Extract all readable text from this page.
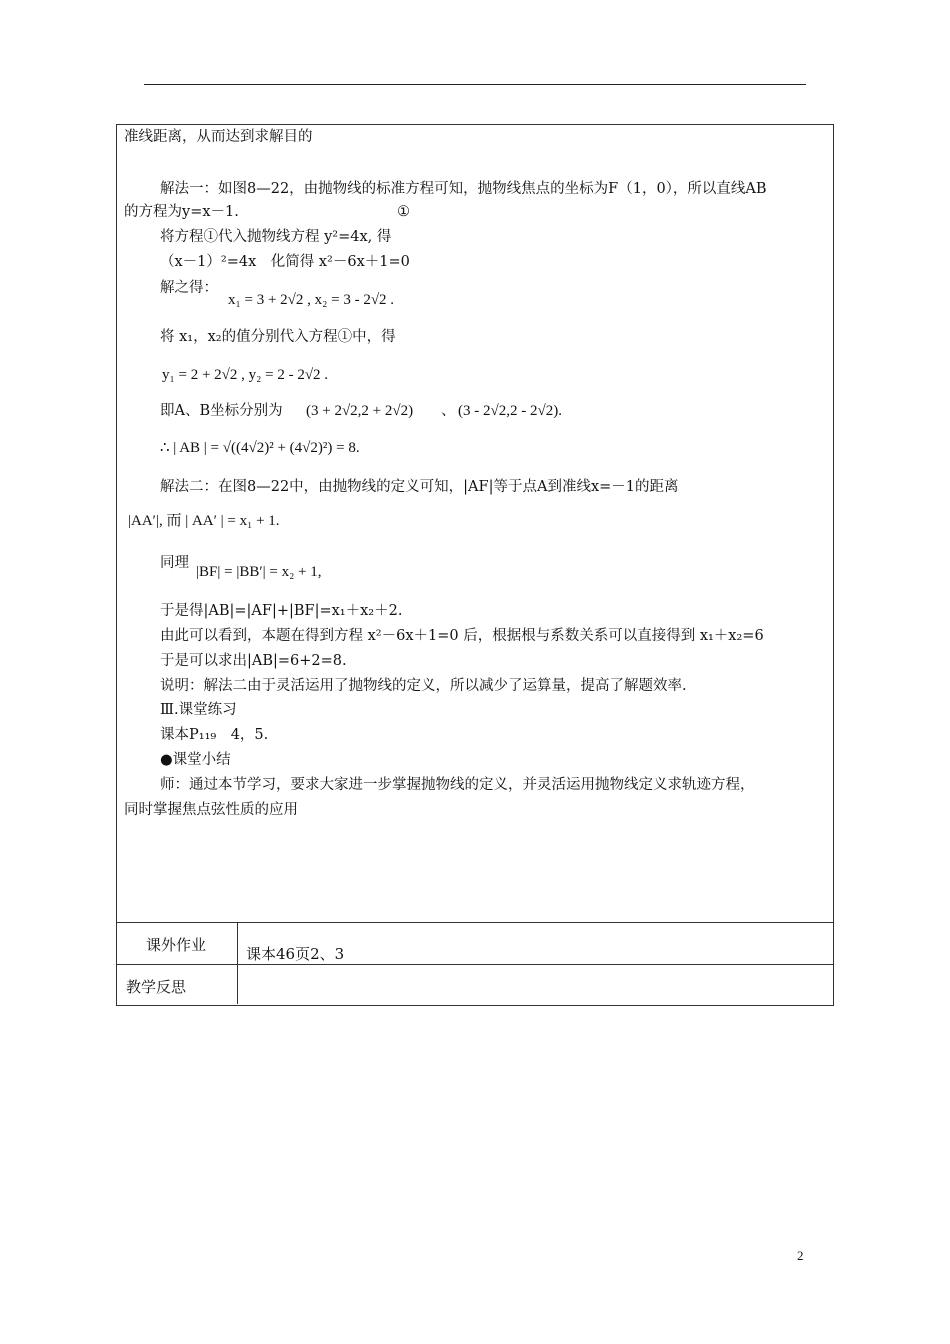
准线距离，从而达到求解目的
解法一：如图8—22，由抛物线的标准方程可知，抛物线焦点的坐标为F（1，0），所以直线AB
的方程为y=x－1.	①
将方程①代入抛物线方程 y²=4x, 得
（x－1）²=4x　化简得 x²－6x＋1=0
解之得：
x₁ = 3 + 2√2 , x₂ = 3 - 2√2 .
将 x₁，x₂的值分别代入方程①中，得
y₁ = 2 + 2√2 , y₂ = 2 - 2√2 .
即A、B坐标分别为 (3 + 2√2,2 + 2√2) 、 (3 - 2√2,2 - 2√2).
∴ | AB | = √((4√2)² + (4√2)²) = 8.
解法二：在图8—22中，由抛物线的定义可知，|AF|等于点A到准线x=－1的距离
|AA′|, 而 | AA′ | = x₁ + 1.
同理
|BF| = |BB′| = x₂ + 1,
于是得|AB|=|AF|+|BF|=x₁＋x₂＋2.
由此可以看到，本题在得到方程 x²－6x＋1=0 后，根据根与系数关系可以直接得到 x₁＋x₂=6
于是可以求出|AB|=6+2=8.
说明：解法二由于灵活运用了抛物线的定义，所以减少了运算量，提高了解题效率.
Ⅲ.课堂练习
课本P₁₁₉　4，5.
●课堂小结
师：通过本节学习，要求大家进一步掌握抛物线的定义，并灵活运用抛物线定义求轨迹方程，
同时掌握焦点弦性质的应用
课外作业	课本46页2、3
教学反思
2
